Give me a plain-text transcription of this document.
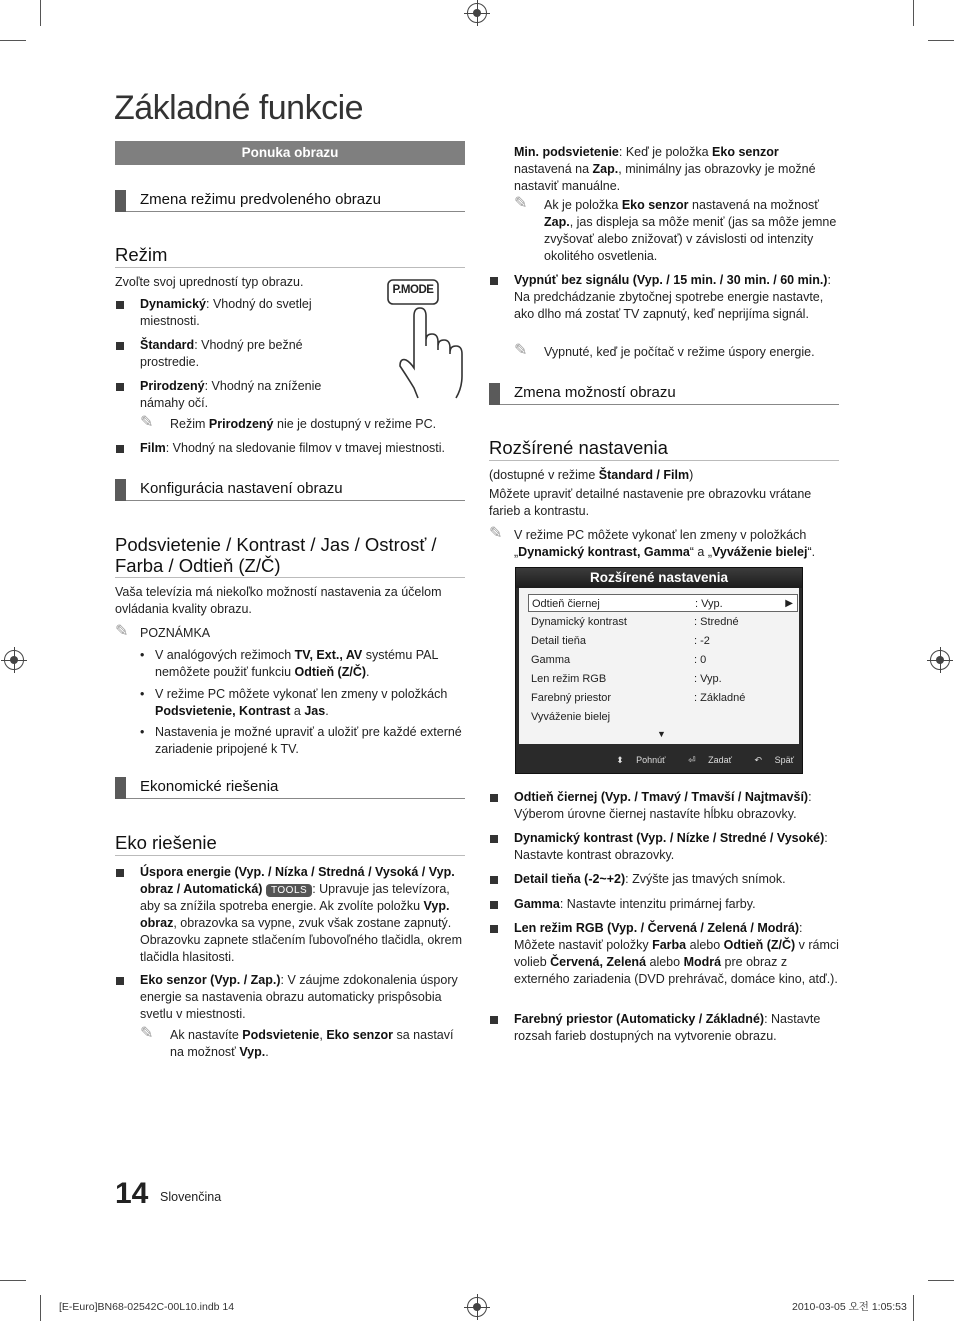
Základné funkcie
Ponuka obrazu
Zmena režimu predvoleného obrazu
Režim
Zvoľte svoj upredností typ obrazu.
P.MODE
Dynamický: Vhodný do svetlej miestnosti.
Štandard: Vhodný pre bežné prostredie.
Prirodzený: Vhodný na zníženie námahy očí.
✎	Režim Prirodzený nie je dostupný v režime PC.
Film: Vhodný na sledovanie filmov v tmavej miestnosti.
Konfigurácia nastavení obrazu
Podsvietenie / Kontrast / Jas / Ostrosť / Farba / Odtieň (Z/Č)
Vaša televízia má niekoľko možností nastavenia za účelom ovládania kvality obrazu.
✎ POZNÁMKA
• V analógových režimoch TV, Ext., AV systému PAL nemôžete použiť funkciu Odtieň (Z/Č).
• V režime PC môžete vykonať len zmeny v položkách Podsvietenie, Kontrast a Jas.
• Nastavenia je možné upraviť a uložiť pre každé externé zariadenie pripojené k TV.
Ekonomické riešenia
Eko riešenie
Úspora energie (Vyp. / Nízka / Stredná / Vysoká / Vyp. obraz / Automatická) TOOLS : Upravuje jas televízora, aby sa znížila spotreba energie. Ak zvolíte položku Vyp. obraz, obrazovka sa vypne, zvuk však zostane zapnutý. Obrazovku zapnete stlačením ľubovoľného tlačidla, okrem tlačidla hlasitosti.
Eko senzor (Vyp. / Zap.): V záujme zdokonalenia úspory energie sa nastavenia obrazu automaticky prispôsobia svetlu v miestnosti.
✎	Ak nastavíte Podsvietenie, Eko senzor sa nastaví na možnosť Vyp..
Min. podsvietenie: Keď je položka Eko senzor nastavená na Zap., minimálny jas obrazovky je možné nastaviť manuálne.
✎	Ak je položka Eko senzor nastavená na možnosť Zap., jas displeja sa môže meniť (jas sa môže jemne zvyšovať alebo znižovať) v závislosti od intenzity okolitého osvetlenia.
Vypnúť bez signálu (Vyp. / 15 min. / 30 min. / 60 min.): Na predchádzanie zbytočnej spotrebe energie nastavte, ako dlho má zostať TV zapnutý, keď neprijíma signál.
✎	Vypnuté, keď je počítač v režime úspory energie.
Zmena možností obrazu
Rozšírené nastavenia
(dostupné v režime Štandard / Film)
Môžete upraviť detailné nastavenie pre obrazovku vrátane farieb a kontrastu.
✎ V režime PC môžete vykonať len zmeny v položkách „Dynamický kontrast, Gamma“ a „Vyváženie bielej“.
Rozšírené nastavenia
Odtieň čiernej	: Vyp.	▶
Dynamický kontrast	: Stredné
Detail tieňa	: -2
Gamma	: 0
Len režim RGB	: Vyp.
Farebný priestor	: Základné
Vyváženie bielej
▼
⬍ Pohnúť	⏎ Zadať	↶ Späť
Odtieň čiernej (Vyp. / Tmavý / Tmavší / Najtmavší): Výberom úrovne čiernej nastavíte hĺbku obrazovky.
Dynamický kontrast (Vyp. / Nízke / Stredné / Vysoké): Nastavte kontrast obrazovky.
Detail tieňa (-2~+2): Zvýšte jas tmavých snímok.
Gamma: Nastavte intenzitu primárnej farby.
Len režim RGB (Vyp. / Červená / Zelená / Modrá): Môžete nastaviť položky Farba alebo Odtieň (Z/Č) v rámci volieb Červená, Zelená alebo Modrá pre obraz z externého zariadenia (DVD prehrávač, domáce kino, atď.).
Farebný priestor (Automaticky / Základné): Nastavte rozsah farieb dostupných na vytvorenie obrazu.
14 Slovenčina
[E-Euro]BN68-02542C-00L10.indb 14	2010-03-05 오전 1:05:53
